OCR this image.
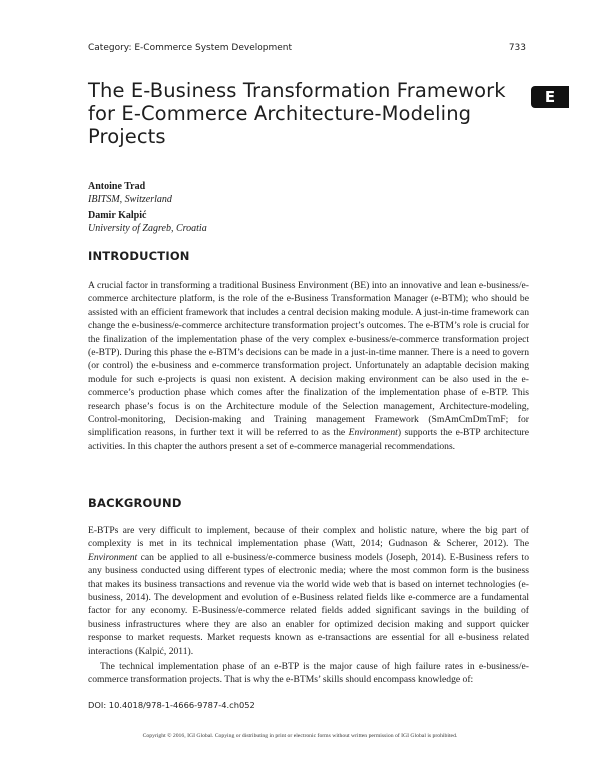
Category: E-Commerce System Development	733
E
The E-Business Transformation Framework for E-Commerce Architecture-Modeling Projects
Antoine Trad
IBITSM, Switzerland
Damir Kalpić
University of Zagreb, Croatia
INTRODUCTION

A crucial factor in transforming a traditional Business Environment (BE) into an innovative and lean e-business/e-commerce architecture platform, is the role of the e-Business Transformation Manager (e-BTM); who should be assisted with an efficient framework that includes a central decision making module. A just-in-time framework can change the e-business/e-commerce architecture transformation project’s outcomes. The e-BTM’s role is crucial for the finalization of the implementation phase of the very complex e-business/e-commerce transformation project (e-BTP). During this phase the e-BTM’s decisions can be made in a just-in-time manner. There is a need to govern (or control) the e-business and e-commerce transformation project. Unfortunately an adaptable decision making module for such e-projects is quasi non existent. A decision making environment can be also used in the e-commerce’s production phase which comes after the finalization of the implementation phase of e-BTP. This research phase’s focus is on the Architecture module of the Selection management, Architecture-modeling, Control-monitoring, Decision-making and Training management Framework (SmAmCmDmTmF; for simplification reasons, in further text it will be referred to as the Environment) supports the e-BTP architecture activities. In this chapter the authors present a set of e-commerce managerial recommendations.

BACKGROUND

E-BTPs are very difficult to implement, because of their complex and holistic nature, where the big part of complexity is met in its technical implementation phase (Watt, 2014; Gudnason & Scherer, 2012). The Environment can be applied to all e-business/e-commerce business models (Joseph, 2014). E-Business refers to any business conducted using different types of electronic media; where the most common form is the business that makes its business transactions and revenue via the world wide web that is based on internet technologies (e-business, 2014). The development and evolution of e-Business related fields like e-commerce are a fundamental factor for any economy. E-Business/e-commerce related fields added significant savings in the building of business infrastructures where they are also an enabler for optimized decision making and support quicker response to market requests. Market requests known as e-transactions are essential for all e-business related interactions (Kalpić, 2011).

The technical implementation phase of an e-BTP is the major cause of high failure rates in e-business/e-commerce transformation projects. That is why the e-BTMs’ skills should encompass knowledge of:

DOI: 10.4018/978-1-4666-9787-4.ch052
Copyright © 2016, IGI Global. Copying or distributing in print or electronic forms without written permission of IGI Global is prohibited.
